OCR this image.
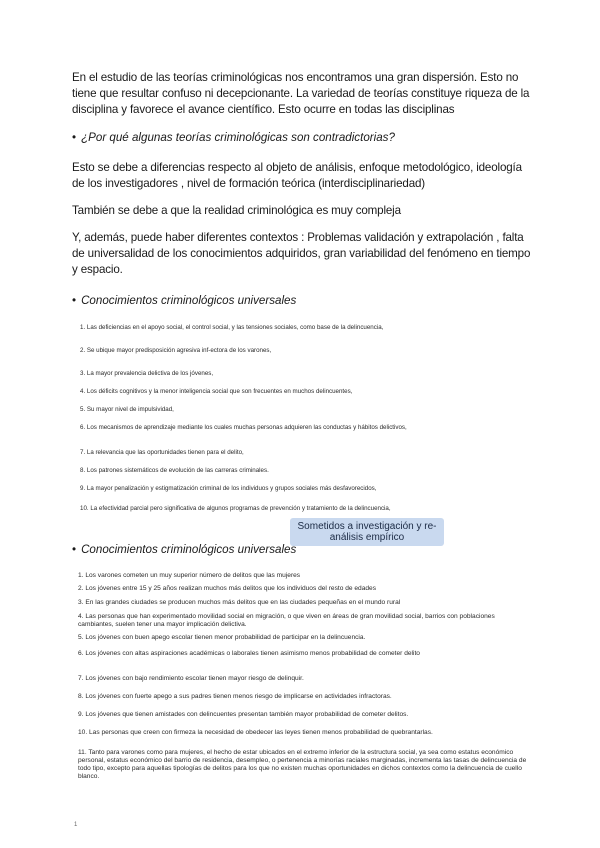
En el estudio de las teorías criminológicas nos encontramos una gran dispersión. Esto no tiene que resultar confuso ni decepcionante. La variedad de teorías constituye riqueza de la disciplina y favorece el avance científico. Esto ocurre en todas las disciplinas
• ¿Por qué algunas teorías criminológicas son contradictorias?
Esto se debe a diferencias respecto al objeto de análisis, enfoque metodológico, ideología de los investigadores , nivel de formación teórica (interdisciplinariedad)
También se debe a que la realidad criminológica es muy compleja
Y, además, puede haber diferentes contextos : Problemas validación y extrapolación , falta de universalidad de los conocimientos adquiridos, gran variabilidad del fenómeno en tiempo y espacio.
• Conocimientos criminológicos universales
1. Las deficiencias en el apoyo social, el control social, y las tensiones sociales, como base de la delincuencia,
2. Se ubique mayor predisposición agresiva inf-ectora de los varones,
3. La mayor prevalencia delictiva de los jóvenes,
4. Los déficits cognitivos y la menor inteligencia social que son frecuentes en muchos delincuentes,
5. Su mayor nivel de impulsividad,
6. Los mecanismos de aprendizaje mediante los cuales muchas personas adquieren las conductas y hábitos delictivos,
7. La relevancia que las oportunidades tienen para el delito,
8. Los patrones sistemáticos de evolución de las carreras criminales.
9. La mayor penalización y estigmatización criminal de los individuos y grupos sociales más desfavorecidos,
10. La efectividad parcial pero significativa de algunos programas de prevención y tratamiento de la delincuencia,
Sometidos a investigación y re-análisis empírico
• Conocimientos criminológicos universales
1. Los varones cometen un muy superior número de delitos que las mujeres
2. Los jóvenes entre 15 y 25 años realizan muchos más delitos que los individuos del resto de edades
3. En las grandes ciudades se producen muchos más delitos que en las ciudades pequeñas en el mundo rural
4. Las personas que han experimentado movilidad social en migración, o que viven en áreas de gran movilidad social, barrios con poblaciones cambiantes, suelen tener una mayor implicación delictiva.
5. Los jóvenes con buen apego escolar tienen menor probabilidad de participar en la delincuencia.
6. Los jóvenes con altas aspiraciones académicas o laborales tienen asimismo menos probabilidad de cometer delito
7. Los jóvenes con bajo rendimiento escolar tienen mayor riesgo de delinquir.
8. Los jóvenes con fuerte apego a sus padres tienen menos riesgo de implicarse en actividades infractoras.
9. Los jóvenes que tienen amistades con delincuentes presentan también mayor probabilidad de cometer delitos.
10. Las personas que creen con firmeza la necesidad de obedecer las leyes tienen menos probabilidad de quebrantarlas.
11. Tanto para varones como para mujeres, el hecho de estar ubicados en el extremo inferior de la estructura social, ya sea como estatus económico personal, estatus económico del barrio de residencia, desempleo, o pertenencia a minorías raciales marginadas, incrementa las tasas de delincuencia de todo tipo, excepto para aquellas tipologías de delitos para los que no existen muchas oportunidades en dichos contextos como la delincuencia de cuello blanco.
1
